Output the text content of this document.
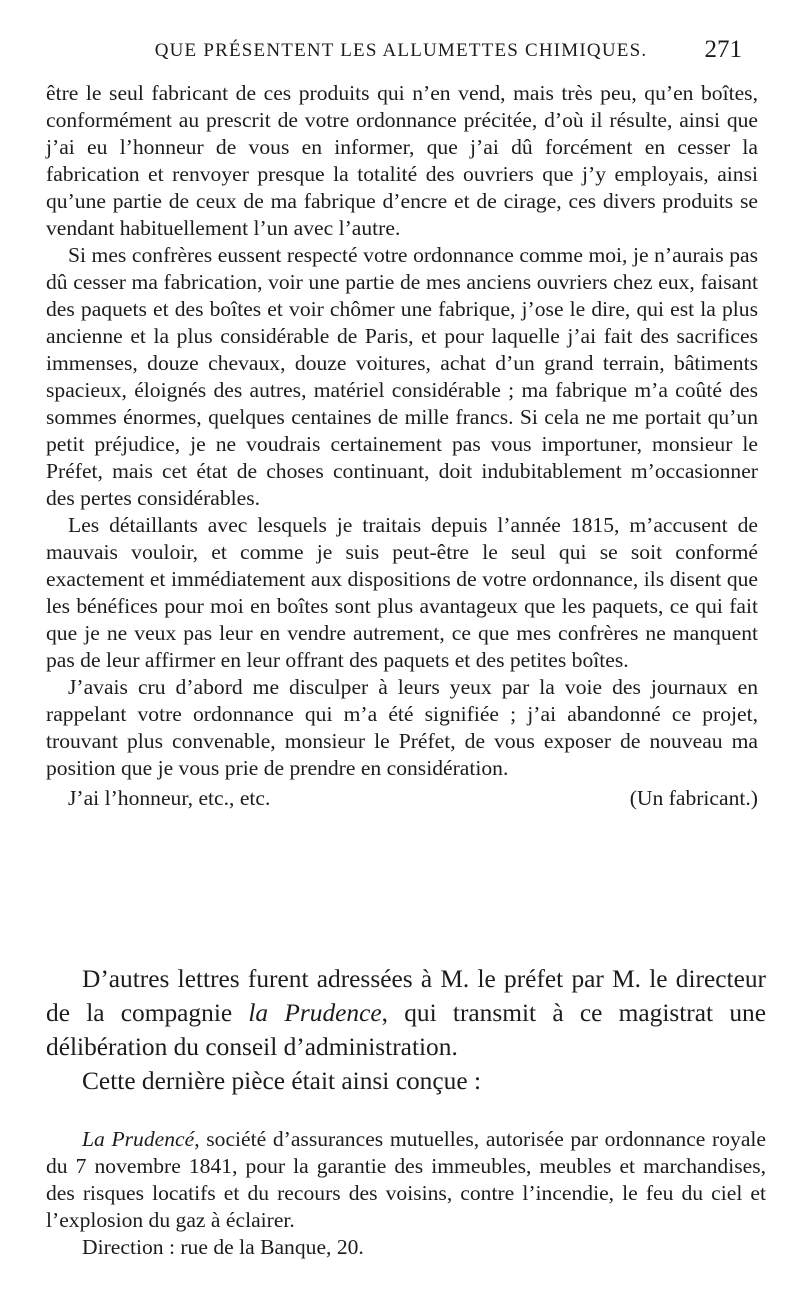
QUE PRÉSENTENT LES ALLUMETTES CHIMIQUES.	271

être le seul fabricant de ces produits qui n’en vend, mais très peu, qu’en boîtes, conformément au prescrit de votre ordonnance précitée, d’où il résulte, ainsi que j’ai eu l’honneur de vous en informer, que j’ai dû forcément en cesser la fabrication et renvoyer presque la totalité des ouvriers que j’y employais, ainsi qu’une partie de ceux de ma fabrique d’encre et de cirage, ces divers produits se vendant habituellement l’un avec l’autre.

Si mes confrères eussent respecté votre ordonnance comme moi, je n’aurais pas dû cesser ma fabrication, voir une partie de mes anciens ouvriers chez eux, faisant des paquets et des boîtes et voir chômer une fabrique, j’ose le dire, qui est la plus ancienne et la plus considérable de Paris, et pour laquelle j’ai fait des sacrifices immenses, douze chevaux, douze voitures, achat d’un grand terrain, bâtiments spacieux, éloignés des autres, matériel considérable ; ma fabrique m’a coûté des sommes énormes, quelques centaines de mille francs. Si cela ne me portait qu’un petit préjudice, je ne voudrais certainement pas vous importuner, monsieur le Préfet, mais cet état de choses continuant, doit indubitablement m’occasionner des pertes considérables.

Les détaillants avec lesquels je traitais depuis l’année 1815, m’accusent de mauvais vouloir, et comme je suis peut-être le seul qui se soit conformé exactement et immédiatement aux dispositions de votre ordonnance, ils disent que les bénéfices pour moi en boîtes sont plus avantageux que les paquets, ce qui fait que je ne veux pas leur en vendre autrement, ce que mes confrères ne manquent pas de leur affirmer en leur offrant des paquets et des petites boîtes.

J’avais cru d’abord me disculper à leurs yeux par la voie des journaux en rappelant votre ordonnance qui m’a été signifiée ; j’ai abandonné ce projet, trouvant plus convenable, monsieur le Préfet, de vous exposer de nouveau ma position que je vous prie de prendre en considération.

J’ai l’honneur, etc., etc.	(Un fabricant.)

D’autres lettres furent adressées à M. le préfet par M. le directeur de la compagnie la Prudence, qui transmit à ce magistrat une délibération du conseil d’administration.

Cette dernière pièce était ainsi conçue :

La Prudencé, société d’assurances mutuelles, autorisée par ordonnance royale du 7 novembre 1841, pour la garantie des immeubles, meubles et marchandises, des risques locatifs et du recours des voisins, contre l’incendie, le feu du ciel et l’explosion du gaz à éclairer.

Direction : rue de la Banque, 20.
